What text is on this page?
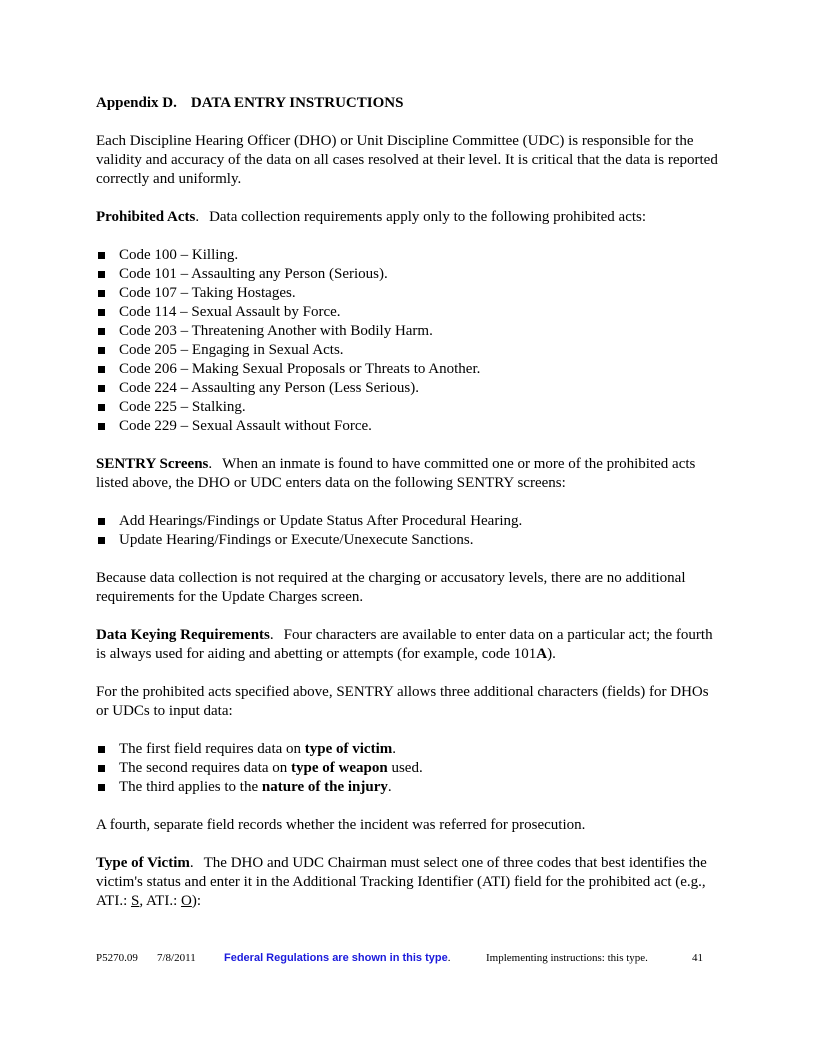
Appendix D. DATA ENTRY INSTRUCTIONS

Each Discipline Hearing Officer (DHO) or Unit Discipline Committee (UDC) is responsible for the validity and accuracy of the data on all cases resolved at their level. It is critical that the data is reported correctly and uniformly.

Prohibited Acts. Data collection requirements apply only to the following prohibited acts:

Code 100 – Killing.
Code 101 – Assaulting any Person (Serious).
Code 107 – Taking Hostages.
Code 114 – Sexual Assault by Force.
Code 203 – Threatening Another with Bodily Harm.
Code 205 – Engaging in Sexual Acts.
Code 206 – Making Sexual Proposals or Threats to Another.
Code 224 – Assaulting any Person (Less Serious).
Code 225 – Stalking.
Code 229 – Sexual Assault without Force.

SENTRY Screens. When an inmate is found to have committed one or more of the prohibited acts listed above, the DHO or UDC enters data on the following SENTRY screens:

Add Hearings/Findings or Update Status After Procedural Hearing.
Update Hearing/Findings or Execute/Unexecute Sanctions.

Because data collection is not required at the charging or accusatory levels, there are no additional requirements for the Update Charges screen.

Data Keying Requirements. Four characters are available to enter data on a particular act; the fourth is always used for aiding and abetting or attempts (for example, code 101A).

For the prohibited acts specified above, SENTRY allows three additional characters (fields) for DHOs or UDCs to input data:

The first field requires data on type of victim.
The second requires data on type of weapon used.
The third applies to the nature of the injury.

A fourth, separate field records whether the incident was referred for prosecution.

Type of Victim. The DHO and UDC Chairman must select one of three codes that best identifies the victim's status and enter it in the Additional Tracking Identifier (ATI) field for the prohibited act (e.g., ATI.: S, ATI.: O):

P5270.09 7/8/2011	Federal Regulations are shown in this type.	Implementing instructions: this type.	41
